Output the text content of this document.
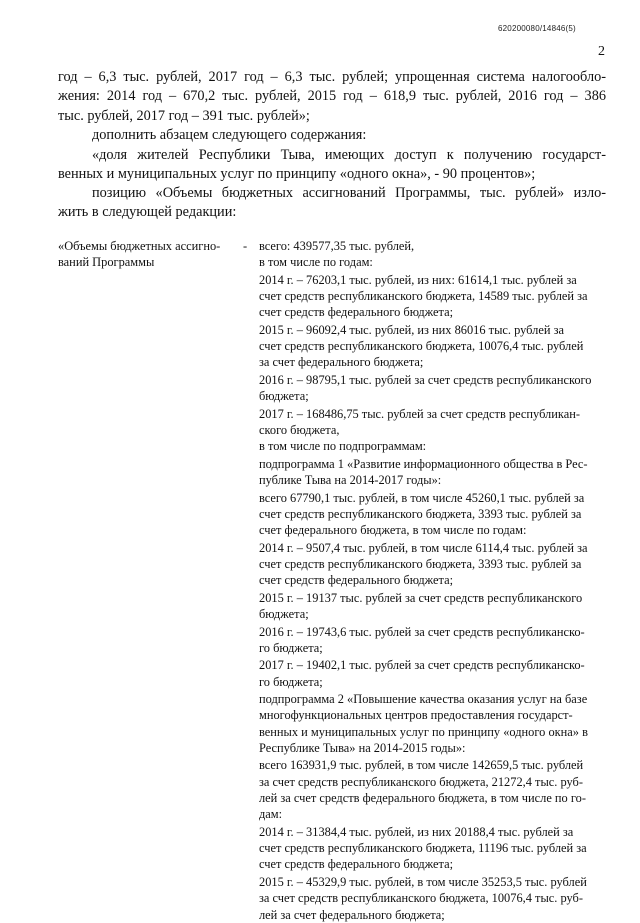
620200080/14846(5)
2
год – 6,3 тыс. рублей, 2017 год – 6,3 тыс. рублей; упрощенная система налогообло-
жения: 2014 год – 670,2 тыс. рублей, 2015 год – 618,9 тыс. рублей, 2016 год – 386
тыс. рублей, 2017 год – 391 тыс. рублей»;
дополнить абзацем следующего содержания:
«доля жителей Республики Тыва, имеющих доступ к получению государст-
венных и муниципальных услуг по принципу «одного окна», - 90 процентов»;
позицию «Объемы бюджетных ассигнований Программы, тыс. рублей» изло-
жить в следующей редакции:
«Объемы бюджетных ассигно-
ваний Программы
- всего: 439577,35 тыс. рублей,
в том числе по годам:
2014 г. – 76203,1 тыс. рублей, из них: 61614,1 тыс. рублей за
счет средств республиканского бюджета, 14589 тыс. рублей за
счет средств федерального бюджета;
2015 г. – 96092,4 тыс. рублей, из них 86016 тыс. рублей за
счет средств республиканского бюджета, 10076,4 тыс. рублей
за счет федерального бюджета;
2016 г. – 98795,1 тыс. рублей за счет средств республиканского
бюджета;
2017 г. – 168486,75 тыс. рублей за счет средств республикан-
ского бюджета,
в том числе по подпрограммам:
подпрограмма 1 «Развитие информационного общества в Рес-
публике Тыва на 2014-2017 годы»:
всего 67790,1 тыс. рублей, в том числе 45260,1 тыс. рублей за
счет средств республиканского бюджета, 3393 тыс. рублей за
счет федерального бюджета, в том числе по годам:
2014 г. – 9507,4 тыс. рублей, в том числе 6114,4 тыс. рублей за
счет средств республиканского бюджета, 3393 тыс. рублей за
счет средств федерального бюджета;
2015 г. – 19137 тыс. рублей за счет средств республиканского
бюджета;
2016 г. – 19743,6 тыс. рублей за счет средств республиканско-
го бюджета;
2017 г. – 19402,1 тыс. рублей за счет средств республиканско-
го бюджета;
подпрограмма 2 «Повышение качества оказания услуг на базе
многофункциональных центров предоставления государст-
венных и муниципальных услуг по принципу «одного окна» в
Республике Тыва» на 2014-2015 годы»:
всего 163931,9 тыс. рублей, в том числе 142659,5 тыс. рублей
за счет средств республиканского бюджета, 21272,4 тыс. руб-
лей за счет средств федерального бюджета, в том числе по го-
дам:
2014 г. – 31384,4 тыс. рублей, из них 20188,4 тыс. рублей за
счет средств республиканского бюджета, 11196 тыс. рублей за
счет средств федерального бюджета;
2015 г. – 45329,9 тыс. рублей, в том числе 35253,5 тыс. рублей
за счет средств республиканского бюджета, 10076,4 тыс. руб-
лей за счет федерального бюджета;
